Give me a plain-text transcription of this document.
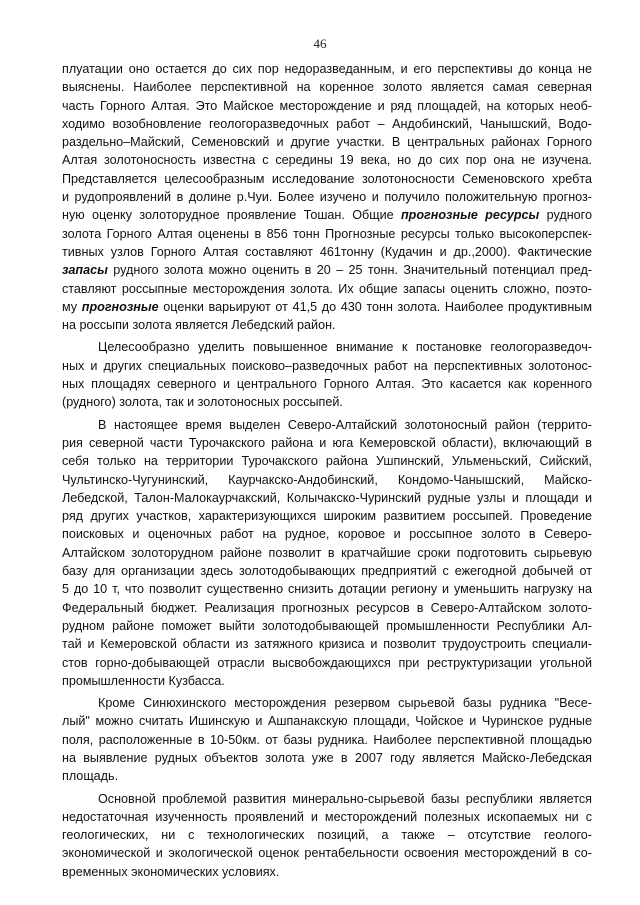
46
плуатации оно остается до сих пор недоразведанным, и его перспективы до конца не
выяснены. Наиболее перспективной на коренное золото является самая северная
часть Горного Алтая. Это Майское месторождение и ряд площадей, на которых необ-
ходимо возобновление геологоразведочных работ – Андобинский, Чанышский, Водо-
раздельно–Майский, Семеновский и другие участки. В центральных районах Горного
Алтая золотоносность известна с середины 19 века, но до сих пор она не изучена.
Представляется целесообразным исследование золотоносности Семеновского хребта
и рудопроявлений в долине р.Чуи. Более изучено и получило положительную прогноз-
ную оценку золоторудное проявление Тошан. Общие прогнозные ресурсы рудного
золота Горного Алтая оценены в 856 тонн Прогнозные ресурсы только высокоперспек-
тивных узлов Горного Алтая составляют 461тонну (Кудачин и др.,2000). Фактические
запасы рудного золота можно оценить в 20 – 25 тонн. Значительный потенциал пред-
ставляют россыпные месторождения золота. Их общие запасы оценить сложно, поэто-
му прогнозные оценки варьируют от 41,5 до 430 тонн золота. Наиболее продуктивным
на россыпи золота является Лебедский район.
Целесообразно уделить повышенное внимание к постановке геологоразведоч-
ных и других специальных поисково–разведочных работ на перспективных золотонос-
ных площадях северного и центрального Горного Алтая. Это касается как коренного
(рудного) золота, так и золотоносных россыпей.
В настоящее время выделен Северо-Алтайский золотоносный район (террито-
рия северной части Турочакского района и юга Кемеровской области), включающий в
себя только на территории Турочакского района Ушпинский, Ульменьский, Сийский,
Чультинско-Чугунинский, Каурчакско-Андобинский, Кондомо-Чанышский, Майско-
Лебедской, Талон-Малокаурчакский, Колычакско-Чуринский рудные узлы и площади и
ряд других участков, характеризующихся широким развитием россыпей. Проведение
поисковых и оценочных работ на рудное, коровое и россыпное золото в Северо-
Алтайском золоторудном районе позволит в кратчайшие сроки подготовить сырьевую
базу для организации здесь золотодобывающих предприятий с ежегодной добычей от
5 до 10 т, что позволит существенно снизить дотации региону и уменьшить нагрузку на
Федеральный бюджет. Реализация прогнозных ресурсов в Северо-Алтайском золото-
рудном районе поможет выйти золотодобывающей промышленности Республики Ал-
тай и Кемеровской области из затяжного кризиса и позволит трудоустроить специали-
стов горно-добывающей отрасли высвобождающихся при реструктуризации угольной
промышленности Кузбасса.
Кроме Синюхинского месторождения резервом сырьевой базы рудника "Весе-
лый" можно считать Ишинскую и Ашпанакскую площади, Чойское и Чуринское рудные
поля, расположенные в 10-50км. от базы рудника. Наиболее перспективной площадью
на выявление рудных объектов золота уже в 2007 году является Майско-Лебедская
площадь.
Основной проблемой развития минерально-сырьевой базы республики является
недостаточная изученность проявлений и месторождений полезных ископаемых ни с
геологических, ни с технологических позиций, а также – отсутствие геолого-
экономической и экологической оценок рентабельности освоения месторождений в со-
временных экономических условиях.
